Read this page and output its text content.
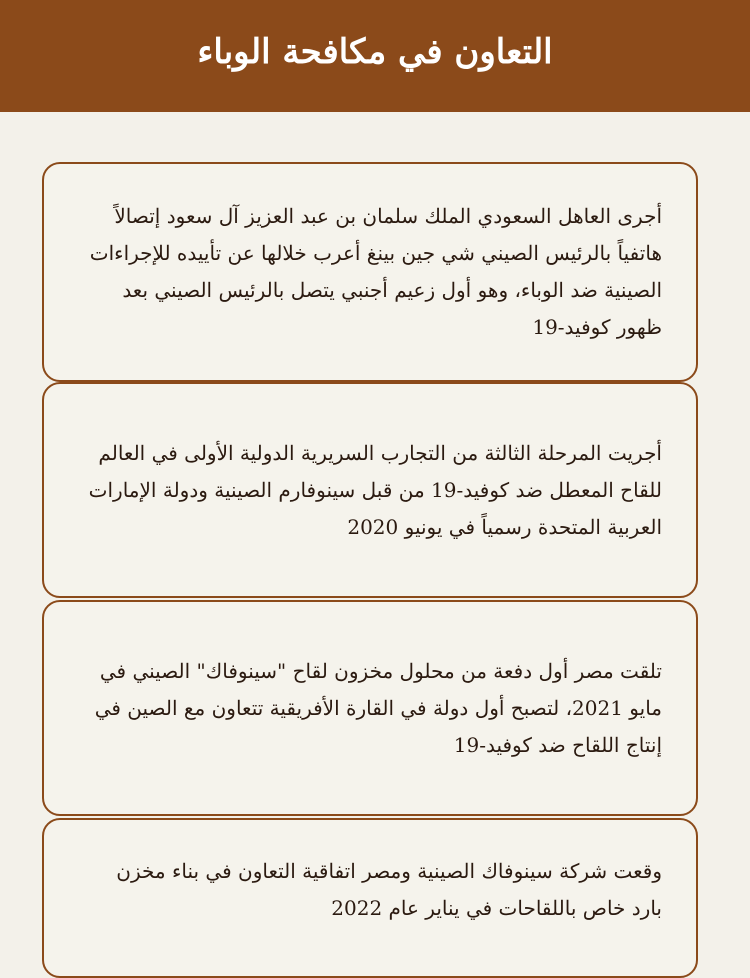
التعاون في مكافحة الوباء
أجرى العاهل السعودي الملك سلمان بن عبد العزيز آل سعود إتصالاً هاتفياً بالرئيس الصيني شي جين بينغ أعرب خلالها عن تأييده للإجراءات الصينية ضد الوباء، وهو أول زعيم أجنبي يتصل بالرئيس الصيني بعد ظهور كوفيد-19
أجريت المرحلة الثالثة من التجارب السريرية الدولية الأولى في العالم للقاح المعطل ضد كوفيد-19 من قبل سينوفارم الصينية ودولة الإمارات العربية المتحدة رسمياً في يونيو 2020
تلقت مصر أول دفعة من محلول مخزون لقاح "سينوفاك" الصيني في مايو 2021، لتصبح أول دولة في القارة الأفريقية تتعاون مع الصين في إنتاج اللقاح ضد كوفيد-19
وقعت شركة سينوفاك الصينية ومصر اتفاقية التعاون في بناء مخزن بارد خاص باللقاحات في يناير عام 2022
